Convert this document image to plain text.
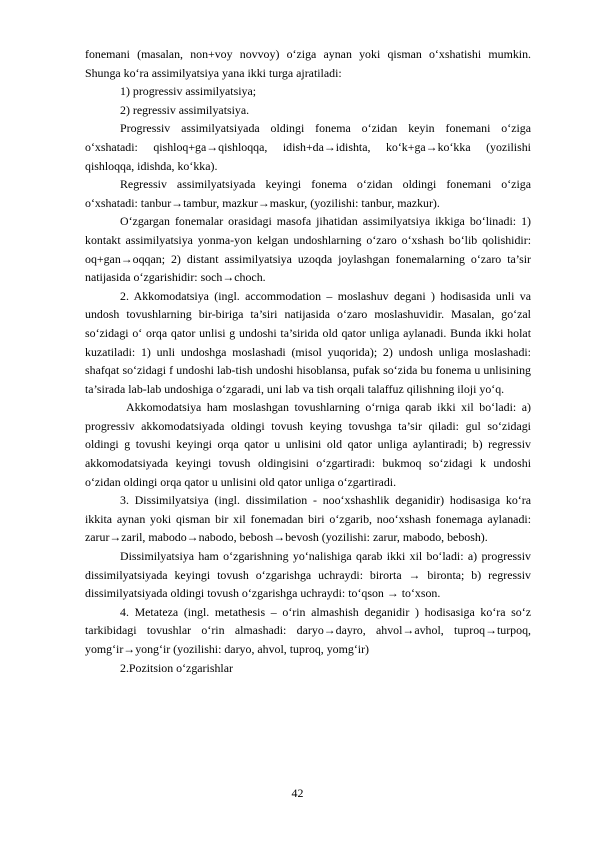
fonemani (masalan, non+voy novvoy) o‘ziga aynan yoki qisman o‘xshatishi mumkin. Shunga ko‘ra assimilyatsiya yana ikki turga ajratiladi:

1) progressiv assimilyatsiya;

2) regressiv assimilyatsiya.

Progressiv assimilyatsiyada oldingi fonema o‘zidan keyin fonemani o‘ziga o‘xshatadi: qishloq+ga→qishloqqa, idish+da→idishta, ko‘k+ga→ko‘kka (yozilishi qishloqqa, idishda, ko‘kka).

Regressiv assimilyatsiyada keyingi fonema o‘zidan oldingi fonemani o‘ziga o‘xshatadi: tanbur→tambur, mazkur→maskur, (yozilishi: tanbur, mazkur).

O‘zgargan fonemalar orasidagi masofa jihatidan assimilyatsiya ikkiga bo‘linadi: 1) kontakt assimilyatsiya yonma-yon kelgan undoshlarning o‘zaro o‘xshash bo‘lib qolishidir: oq+gan→oqqan; 2) distant assimilyatsiya uzoqda joylashgan fonemalarning o‘zaro ta’sir natijasida o‘zgarishidir: soch→choch.

2. Akkomodatsiya (ingl. accommodation – moslashuv degani ) hodisasida unli va undosh tovushlarning bir-biriga ta’siri natijasida o‘zaro moslashuvidir. Masalan, go‘zal so‘zidagi o‘ orqa qator unlisi g undoshi ta’sirida old qator unliga aylanadi. Bunda ikki holat kuzatiladi: 1) unli undoshga moslashadi (misol yuqorida); 2) undosh unliga moslashadi: shafqat so‘zidagi f undoshi lab-tish undoshi hisoblansa, pufak so‘zida bu fonema u unlisining ta’sirada lab-lab undoshiga o‘zgaradi, uni lab va tish orqali talaffuz qilishning iloji yo‘q.

Akkomodatsiya ham moslashgan tovushlarning o‘rniga qarab ikki xil bo‘ladi: a) progressiv akkomodatsiyada oldingi tovush keying tovushga ta’sir qiladi: gul so‘zidagi oldingi g tovushi keyingi orqa qator u unlisini old qator unliga aylantiradi; b) regressiv akkomodatsiyada keyingi tovush oldingisini o‘zgartiradi: bukmoq so‘zidagi k undoshi o‘zidan oldingi orqa qator u unlisini old qator unliga o‘zgartiradi.

3. Dissimilyatsiya (ingl. dissimilation - noo‘xshashlik deganidir) hodisasiga ko‘ra ikkita aynan yoki qisman bir xil fonemadan biri o‘zgarib, noo‘xshash fonemaga aylanadi: zarur→zaril, mabodo→nabodo, bebosh→bevosh (yozilishi: zarur, mabodo, bebosh).

Dissimilyatsiya ham o‘zgarishning yo‘nalishiga qarab ikki xil bo‘ladi: a) progressiv dissimilyatsiyada keyingi tovush o‘zgarishga uchraydi: birorta → bironta; b) regressiv dissimilyatsiyada oldingi tovush o‘zgarishga uchraydi: to‘qson → to‘xson.

4. Metateza (ingl. metathesis – o‘rin almashish deganidir ) hodisasiga ko‘ra so‘z tarkibidagi tovushlar o‘rin almashadi: daryo→dayro, ahvol→avhol, tuproq→turpoq, yomg‘ir→yong‘ir (yozilishi: daryo, ahvol, tuproq, yomg‘ir)

2.Pozitsion o‘zgarishlar

42
